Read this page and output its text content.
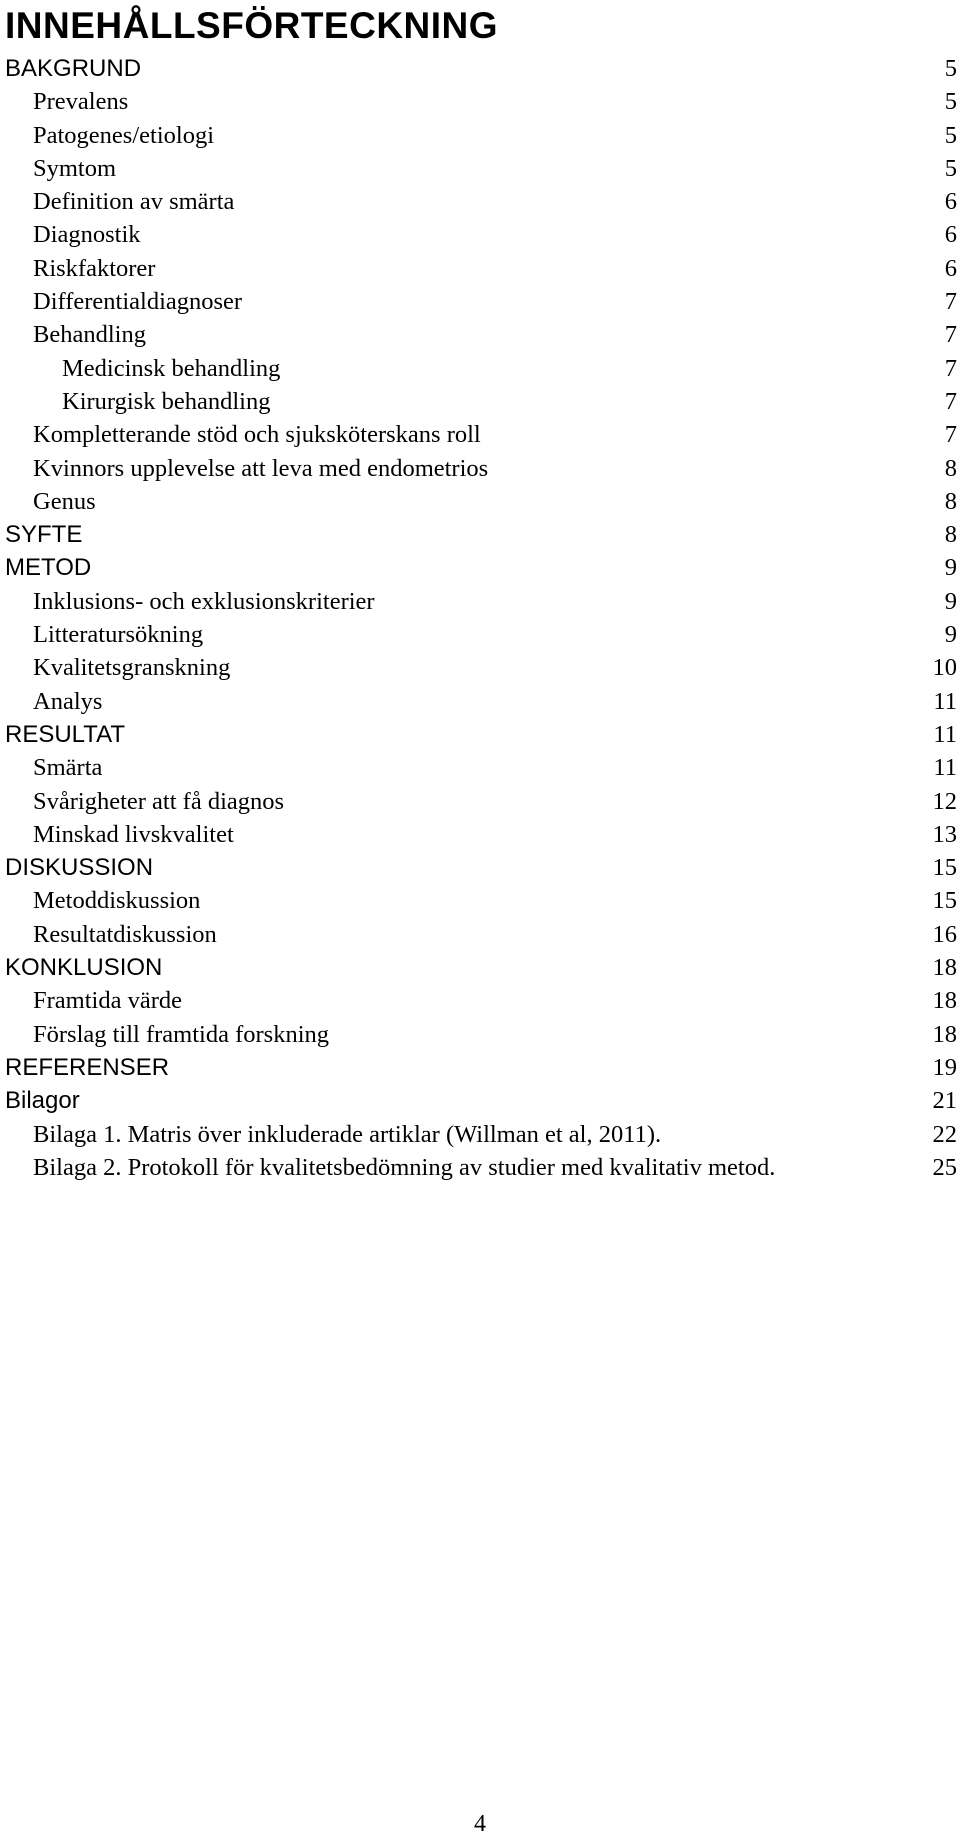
INNEHÅLLSFÖRTECKNING
BAKGRUND	5
Prevalens	5
Patogenes/etiologi	5
Symtom	5
Definition av smärta	6
Diagnostik	6
Riskfaktorer	6
Differentialdiagnoser	7
Behandling	7
Medicinsk behandling	7
Kirurgisk behandling	7
Kompletterande stöd och sjuksköterskans roll	7
Kvinnors upplevelse att leva med endometrios	8
Genus	8
SYFTE	8
METOD	9
Inklusions- och exklusionskriterier	9
Litteratursökning	9
Kvalitetsgranskning	10
Analys	11
RESULTAT	11
Smärta	11
Svårigheter att få diagnos	12
Minskad livskvalitet	13
DISKUSSION	15
Metoddiskussion	15
Resultatdiskussion	16
KONKLUSION	18
Framtida värde	18
Förslag till framtida forskning	18
REFERENSER	19
Bilagor	21
Bilaga 1. Matris över inkluderade artiklar (Willman et al, 2011).	22
Bilaga 2. Protokoll för kvalitetsbedömning av studier med kvalitativ metod.	25
4
